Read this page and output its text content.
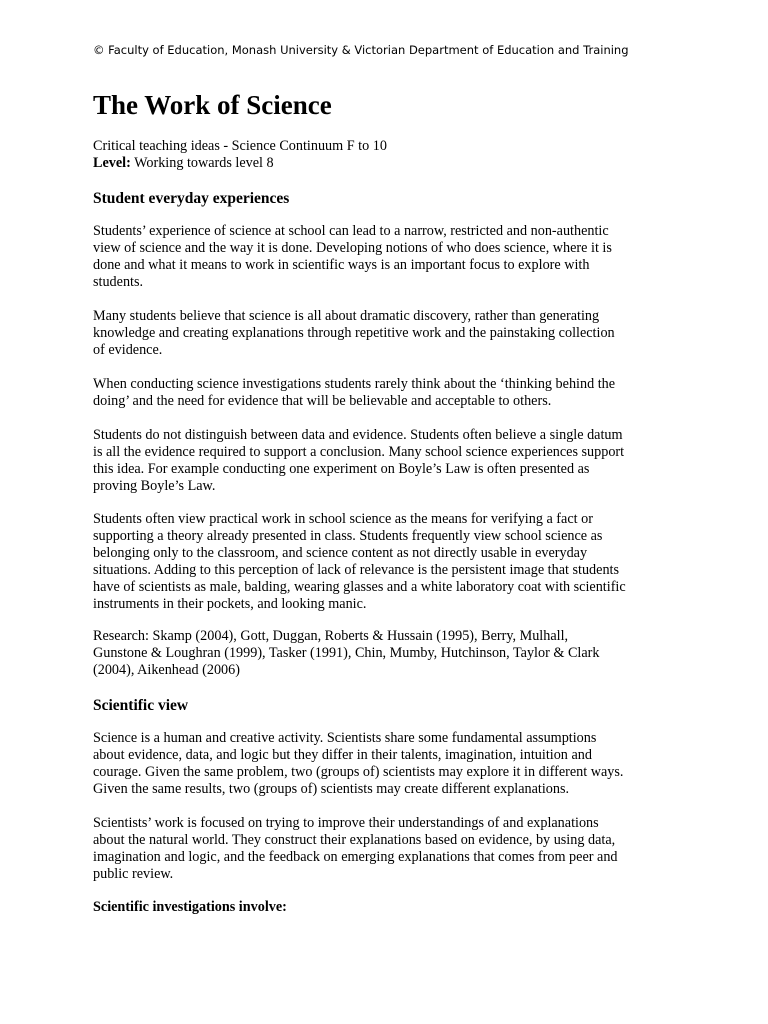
© Faculty of Education, Monash University & Victorian Department of Education and Training
The Work of Science
Critical teaching ideas - Science Continuum F to 10
Level: Working towards level 8
Student everyday experiences
Students’ experience of science at school can lead to a narrow, restricted and non-authentic
view of science and the way it is done. Developing notions of who does science, where it is
done and what it means to work in scientific ways is an important focus to explore with
students.
Many students believe that science is all about dramatic discovery, rather than generating
knowledge and creating explanations through repetitive work and the painstaking collection
of evidence.
When conducting science investigations students rarely think about the ‘thinking behind the
doing’ and the need for evidence that will be believable and acceptable to others.
Students do not distinguish between data and evidence. Students often believe a single datum
is all the evidence required to support a conclusion. Many school science experiences support
this idea. For example conducting one experiment on Boyle’s Law is often presented as
proving Boyle’s Law.
Students often view practical work in school science as the means for verifying a fact or
supporting a theory already presented in class. Students frequently view school science as
belonging only to the classroom, and science content as not directly usable in everyday
situations. Adding to this perception of lack of relevance is the persistent image that students
have of scientists as male, balding, wearing glasses and a white laboratory coat with scientific
instruments in their pockets, and looking manic.
Research: Skamp (2004), Gott, Duggan, Roberts & Hussain (1995), Berry, Mulhall,
Gunstone & Loughran (1999), Tasker (1991), Chin, Mumby, Hutchinson, Taylor & Clark
(2004), Aikenhead (2006)
Scientific view
Science is a human and creative activity. Scientists share some fundamental assumptions
about evidence, data, and logic but they differ in their talents, imagination, intuition and
courage. Given the same problem, two (groups of) scientists may explore it in different ways.
Given the same results, two (groups of) scientists may create different explanations.
Scientists’ work is focused on trying to improve their understandings of and explanations
about the natural world. They construct their explanations based on evidence, by using data,
imagination and logic, and the feedback on emerging explanations that comes from peer and
public review.
Scientific investigations involve:
